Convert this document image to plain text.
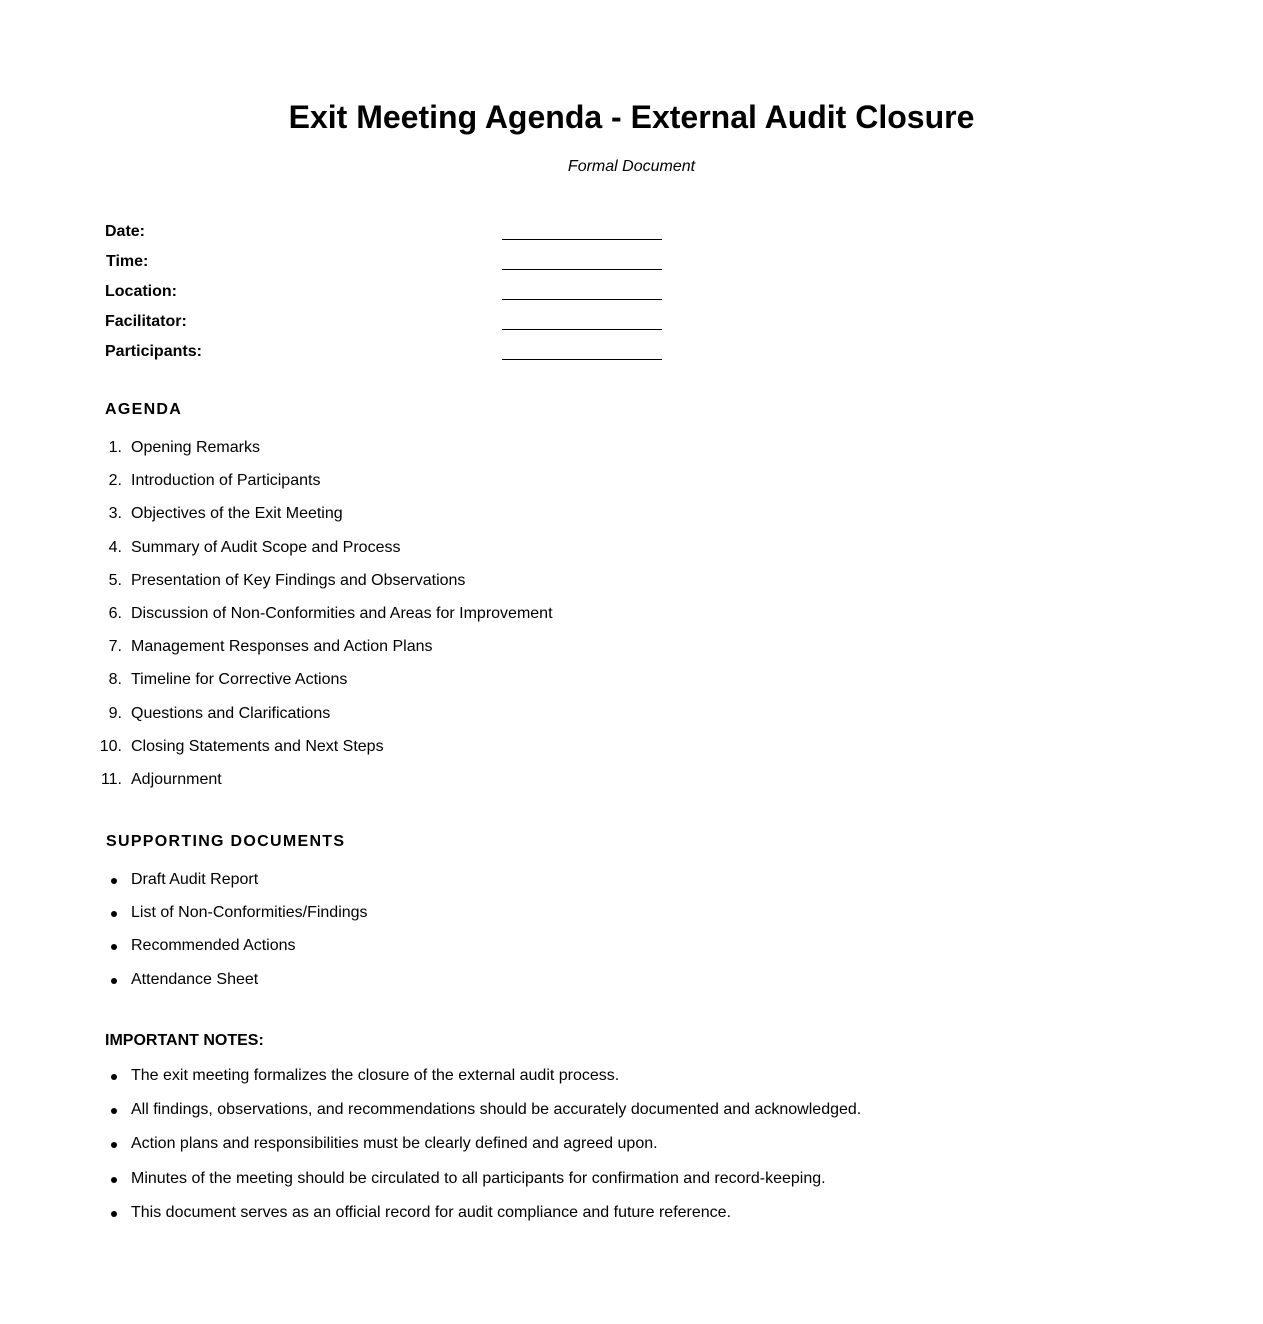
Exit Meeting Agenda - External Audit Closure
Formal Document
Date:
Time:
Location:
Facilitator:
Participants:
AGENDA
1. Opening Remarks
2. Introduction of Participants
3. Objectives of the Exit Meeting
4. Summary of Audit Scope and Process
5. Presentation of Key Findings and Observations
6. Discussion of Non-Conformities and Areas for Improvement
7. Management Responses and Action Plans
8. Timeline for Corrective Actions
9. Questions and Clarifications
10. Closing Statements and Next Steps
11. Adjournment
SUPPORTING DOCUMENTS
Draft Audit Report
List of Non-Conformities/Findings
Recommended Actions
Attendance Sheet
IMPORTANT NOTES:
The exit meeting formalizes the closure of the external audit process.
All findings, observations, and recommendations should be accurately documented and acknowledged.
Action plans and responsibilities must be clearly defined and agreed upon.
Minutes of the meeting should be circulated to all participants for confirmation and record-keeping.
This document serves as an official record for audit compliance and future reference.
